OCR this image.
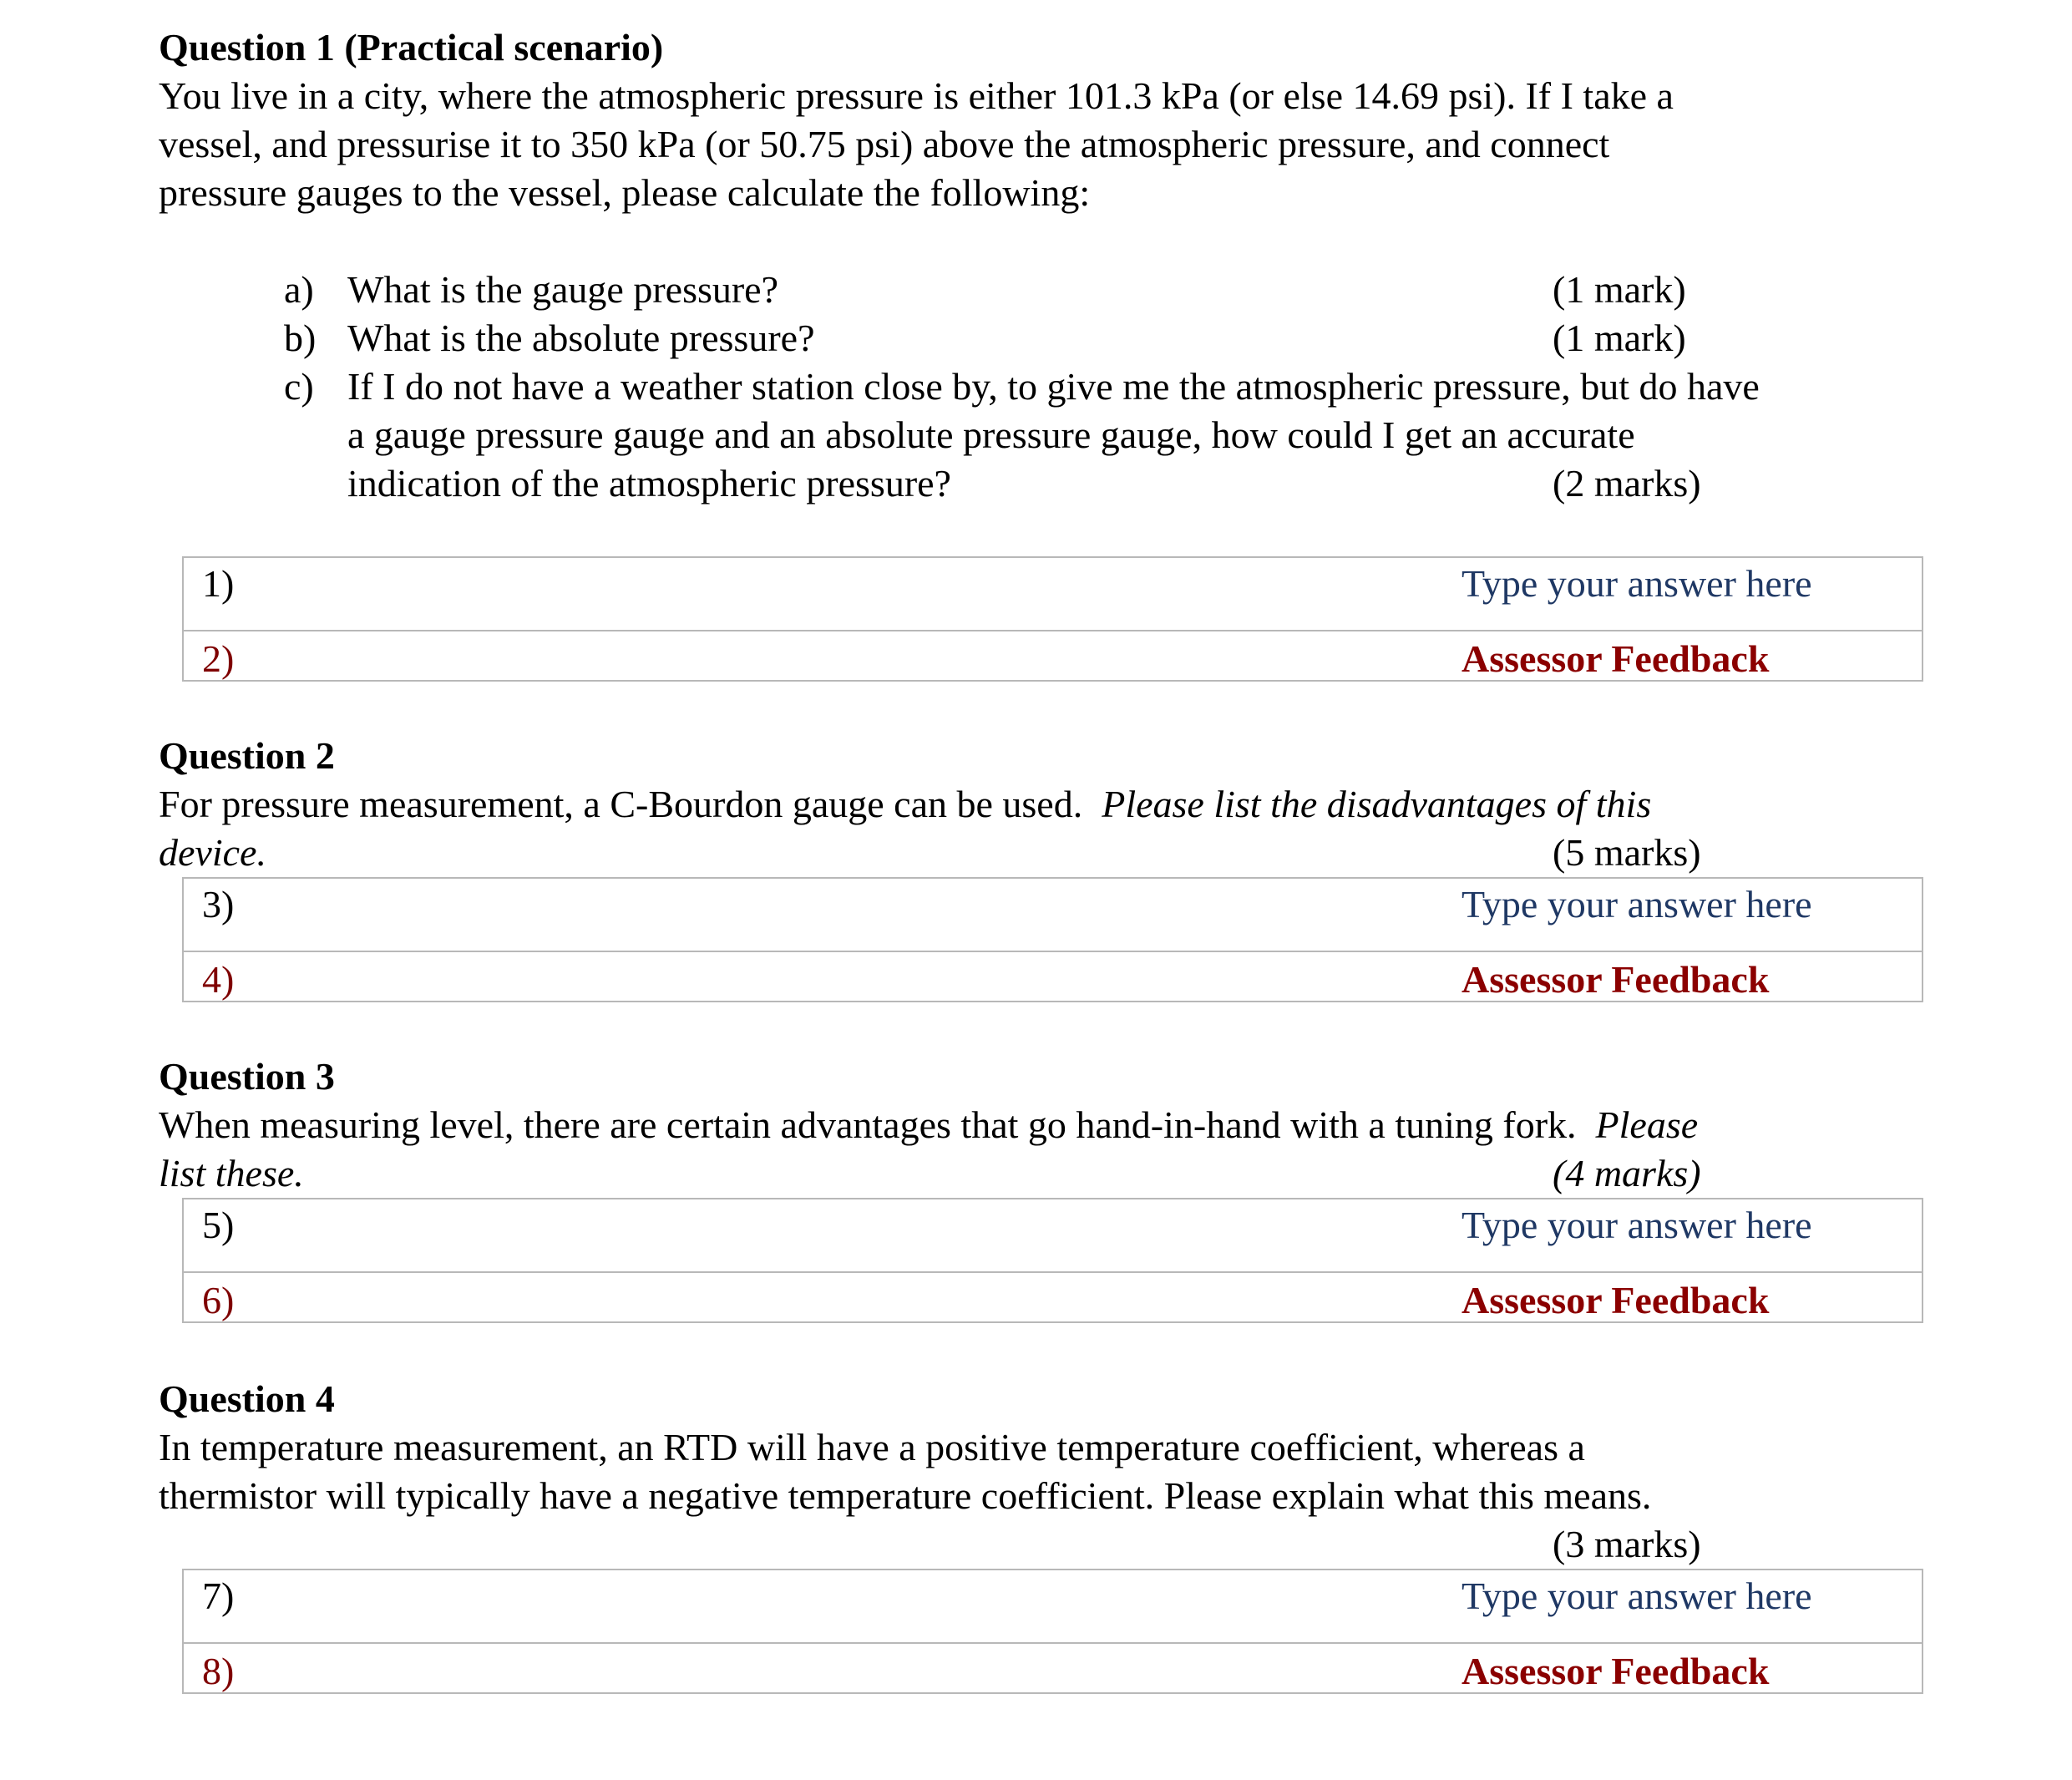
Question 1 (Practical scenario)
You live in a city, where the atmospheric pressure is either 101.3 kPa (or else 14.69 psi). If I take a
vessel, and pressurise it to 350 kPa (or 50.75 psi) above the atmospheric pressure, and connect
pressure gauges to the vessel, please calculate the following:
a) What is the gauge pressure?	(1 mark)
b) What is the absolute pressure?	(1 mark)
c) If I do not have a weather station close by, to give me the atmospheric pressure, but do have
a gauge pressure gauge and an absolute pressure gauge, how could I get an accurate
indication of the atmospheric pressure?	(2 marks)
1)	Type your answer here
2)	Assessor Feedback
Question 2
For pressure measurement, a C-Bourdon gauge can be used.  Please list the disadvantages of this
device.	(5 marks)
3)	Type your answer here
4)	Assessor Feedback
Question 3
When measuring level, there are certain advantages that go hand-in-hand with a tuning fork.  Please
list these.	(4 marks)
5)	Type your answer here
6)	Assessor Feedback
Question 4
In temperature measurement, an RTD will have a positive temperature coefficient, whereas a
thermistor will typically have a negative temperature coefficient. Please explain what this means.
(3 marks)
7)	Type your answer here
8)	Assessor Feedback
